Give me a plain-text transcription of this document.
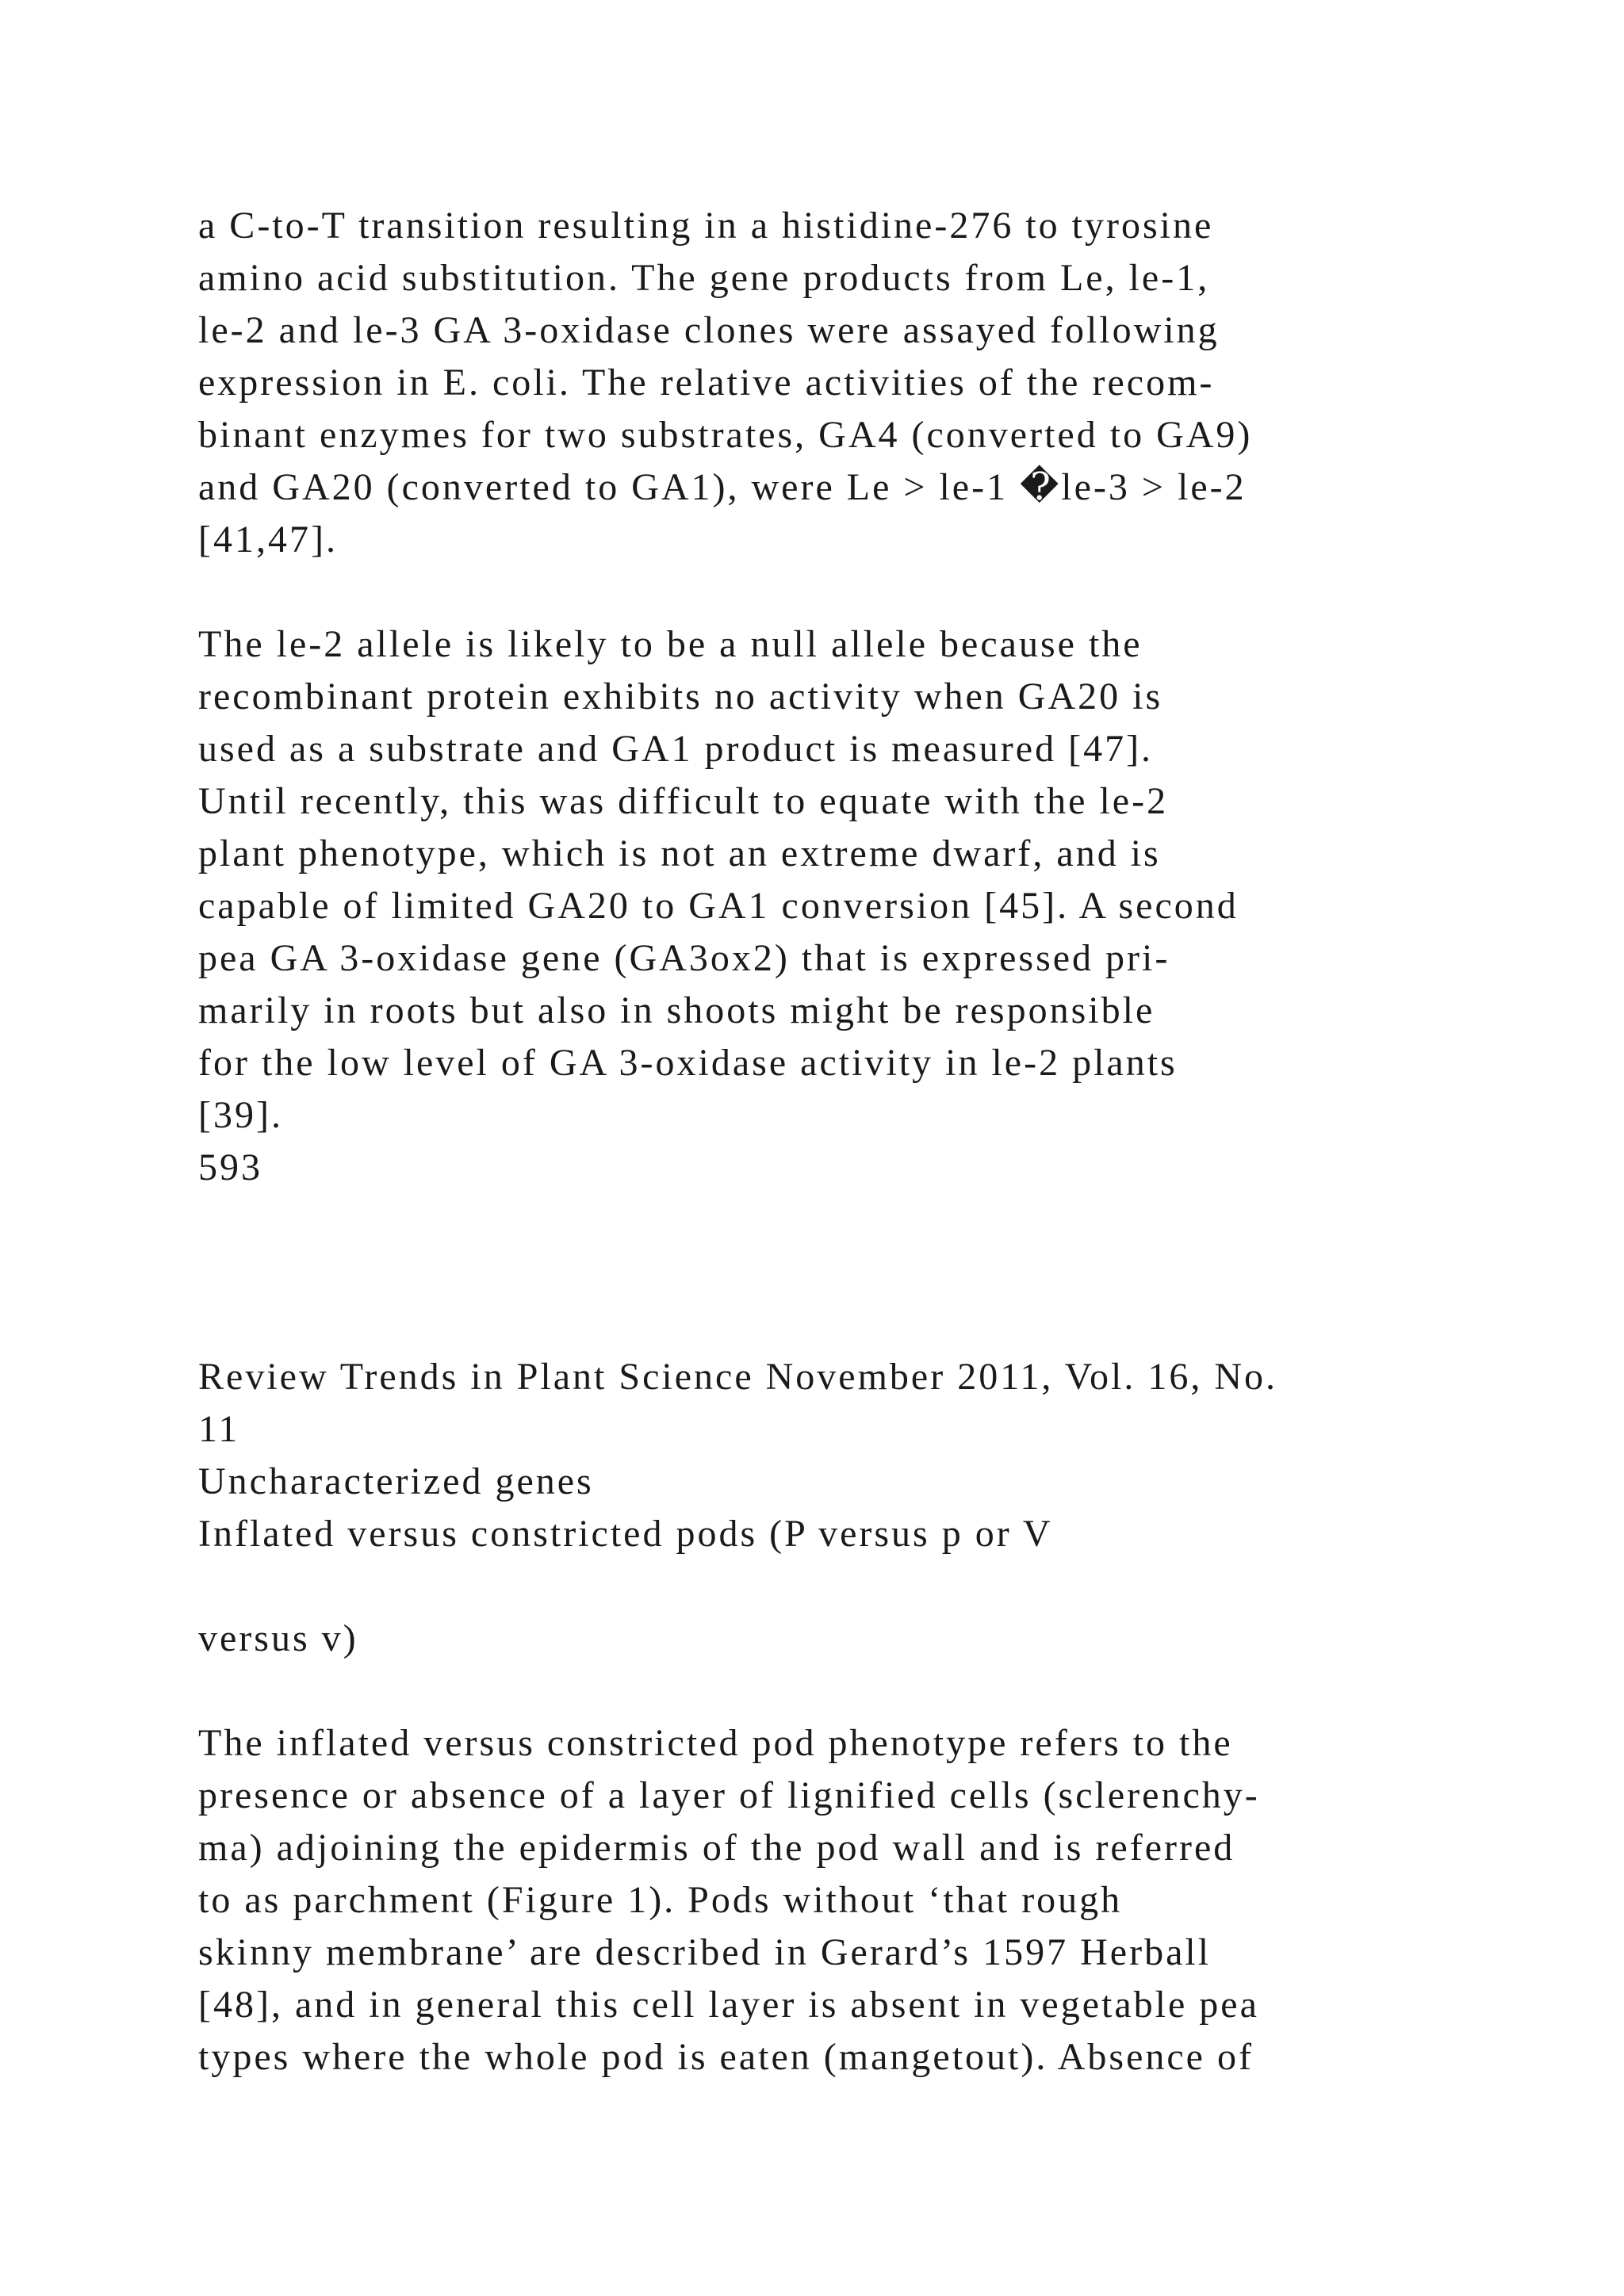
a C-to-T transition resulting in a histidine-276 to tyrosine

amino acid substitution. The gene products from Le, le-1,

le-2 and le-3 GA 3-oxidase clones were assayed following

expression in E. coli. The relative activities of the recom-

binant enzymes for two substrates, GA4 (converted to GA9)

and GA20 (converted to GA1), were Le > le-1 �le-3 > le-2

[41,47].

The le-2 allele is likely to be a null allele because the

recombinant protein exhibits no activity when GA20 is

used as a substrate and GA1 product is measured [47].

Until recently, this was difficult to equate with the le-2

plant phenotype, which is not an extreme dwarf, and is

capable of limited GA20 to GA1 conversion [45]. A second

pea GA 3-oxidase gene (GA3ox2) that is expressed pri-

marily in roots but also in shoots might be responsible

for the low level of GA 3-oxidase activity in le-2 plants

[39].

593

Review Trends in Plant Science November 2011, Vol. 16, No.

11

Uncharacterized genes

Inflated versus constricted pods (P versus p or V

versus v)

The inflated versus constricted pod phenotype refers to the

presence or absence of a layer of lignified cells (sclerenchy-

ma) adjoining the epidermis of the pod wall and is referred

to as parchment (Figure 1). Pods without ‘that rough

skinny membrane’ are described in Gerard’s 1597 Herball

[48], and in general this cell layer is absent in vegetable pea

types where the whole pod is eaten (mangetout). Absence of
